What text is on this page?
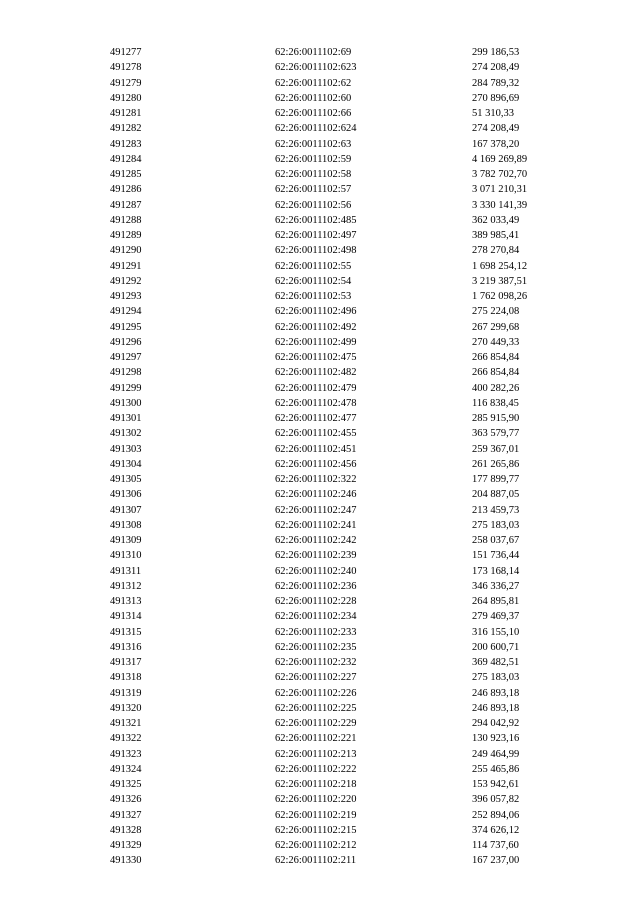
491277	62:26:0011102:69	299 186,53
491278	62:26:0011102:623	274 208,49
491279	62:26:0011102:62	284 789,32
491280	62:26:0011102:60	270 896,69
491281	62:26:0011102:66	51 310,33
491282	62:26:0011102:624	274 208,49
491283	62:26:0011102:63	167 378,20
491284	62:26:0011102:59	4 169 269,89
491285	62:26:0011102:58	3 782 702,70
491286	62:26:0011102:57	3 071 210,31
491287	62:26:0011102:56	3 330 141,39
491288	62:26:0011102:485	362 033,49
491289	62:26:0011102:497	389 985,41
491290	62:26:0011102:498	278 270,84
491291	62:26:0011102:55	1 698 254,12
491292	62:26:0011102:54	3 219 387,51
491293	62:26:0011102:53	1 762 098,26
491294	62:26:0011102:496	275 224,08
491295	62:26:0011102:492	267 299,68
491296	62:26:0011102:499	270 449,33
491297	62:26:0011102:475	266 854,84
491298	62:26:0011102:482	266 854,84
491299	62:26:0011102:479	400 282,26
491300	62:26:0011102:478	116 838,45
491301	62:26:0011102:477	285 915,90
491302	62:26:0011102:455	363 579,77
491303	62:26:0011102:451	259 367,01
491304	62:26:0011102:456	261 265,86
491305	62:26:0011102:322	177 899,77
491306	62:26:0011102:246	204 887,05
491307	62:26:0011102:247	213 459,73
491308	62:26:0011102:241	275 183,03
491309	62:26:0011102:242	258 037,67
491310	62:26:0011102:239	151 736,44
491311	62:26:0011102:240	173 168,14
491312	62:26:0011102:236	346 336,27
491313	62:26:0011102:228	264 895,81
491314	62:26:0011102:234	279 469,37
491315	62:26:0011102:233	316 155,10
491316	62:26:0011102:235	200 600,71
491317	62:26:0011102:232	369 482,51
491318	62:26:0011102:227	275 183,03
491319	62:26:0011102:226	246 893,18
491320	62:26:0011102:225	246 893,18
491321	62:26:0011102:229	294 042,92
491322	62:26:0011102:221	130 923,16
491323	62:26:0011102:213	249 464,99
491324	62:26:0011102:222	255 465,86
491325	62:26:0011102:218	153 942,61
491326	62:26:0011102:220	396 057,82
491327	62:26:0011102:219	252 894,06
491328	62:26:0011102:215	374 626,12
491329	62:26:0011102:212	114 737,60
491330	62:26:0011102:211	167 237,00
